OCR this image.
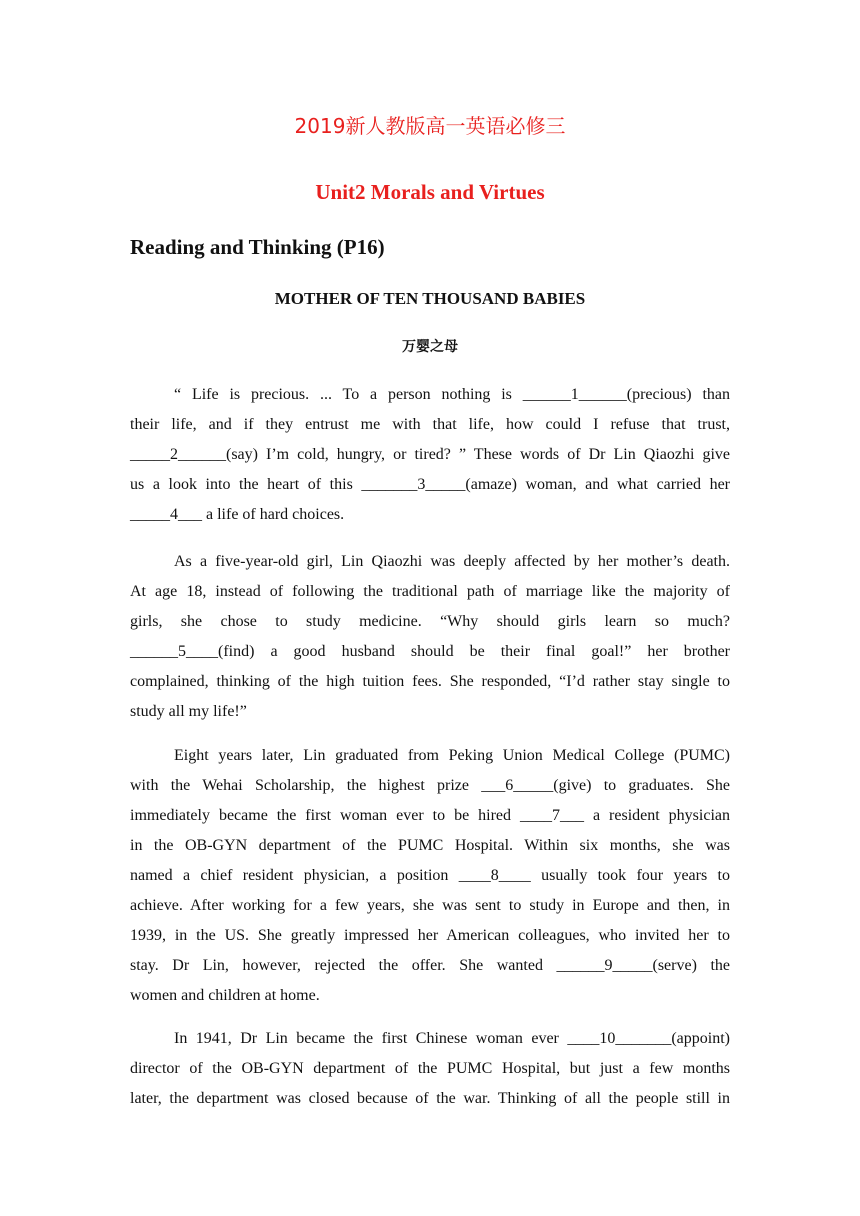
2019新人教版高一英语必修三
Unit2 Morals and Virtues
Reading and Thinking (P16)
MOTHER OF TEN THOUSAND BABIES
万婴之母
“ Life is precious. ... To a person nothing is ______1______(precious) than
their life, and if they entrust me with that life, how could I refuse that trust,
_____2______(say) I’m cold, hungry, or tired? ” These words of Dr Lin Qiaozhi give
us a look into the heart of this _______3_____(amaze) woman, and what carried her
_____4___ a life of hard choices.
As a five-year-old girl, Lin Qiaozhi was deeply affected by her mother’s death.
At age 18, instead of following the traditional path of marriage like the majority of
girls, she chose to study medicine. “Why should girls learn so much?
______5____(find) a good husband should be their final goal!” her brother
complained, thinking of the high tuition fees. She responded, “I’d rather stay single to
study all my life!”
Eight years later, Lin graduated from Peking Union Medical College (PUMC)
with the Wehai Scholarship, the highest prize ___6_____(give) to graduates. She
immediately became the first woman ever to be hired ____7___ a resident physician
in the OB-GYN department of the PUMC Hospital. Within six months, she was
named a chief resident physician, a position ____8____ usually took four years to
achieve. After working for a few years, she was sent to study in Europe and then, in
1939, in the US. She greatly impressed her American colleagues, who invited her to
stay. Dr Lin, however, rejected the offer. She wanted ______9_____(serve) the
women and children at home.
In 1941, Dr Lin became the first Chinese woman ever ____10_______(appoint)
director of the OB-GYN department of the PUMC Hospital, but just a few months
later, the department was closed because of the war. Thinking of all the people still in
